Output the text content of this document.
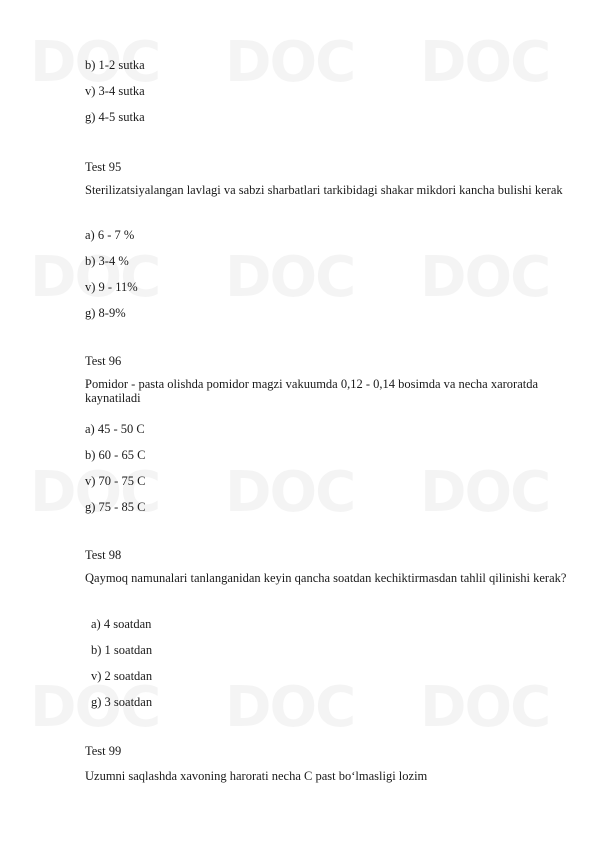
b) 1-2 sutka
v) 3-4 sutka
g) 4-5 sutka
Test 95
Sterilizatsiyalangan lavlagi va sabzi sharbatlari tarkibidagi shakar mikdori kancha bulishi kerak
a) 6 - 7 %
b) 3-4 %
v) 9 - 11%
g) 8-9%
Test 96
Pomidor - pasta olishda pomidor magzi vakuumda 0,12 - 0,14 bosimda va necha xaroratda kaynatiladi
a) 45 - 50 C
b) 60 - 65 C
v) 70 - 75 C
g) 75 - 85 C
Test 98
Qaymoq namunalari tanlanganidan keyin qancha soatdan kechiktirmasdan tahlil qilinishi kerak?
a) 4 soatdan
b) 1 soatdan
v) 2 soatdan
g) 3 soatdan
Test 99
Uzumni saqlashda xavoning harorati necha C past bo‘lmasligi lozim
